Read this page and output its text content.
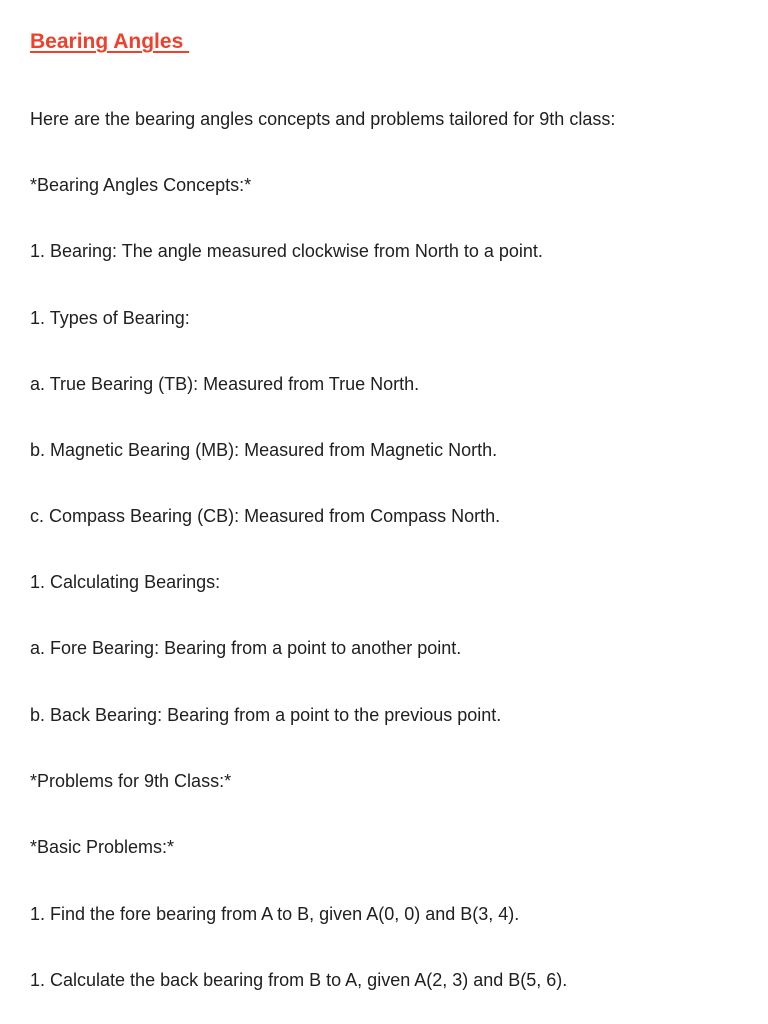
Bearing Angles

Here are the bearing angles concepts and problems tailored for 9th class:

*Bearing Angles Concepts:*

1. Bearing: The angle measured clockwise from North to a point.

1. Types of Bearing:

a. True Bearing (TB): Measured from True North.

b. Magnetic Bearing (MB): Measured from Magnetic North.

c. Compass Bearing (CB): Measured from Compass North.

1. Calculating Bearings:

a. Fore Bearing: Bearing from a point to another point.

b. Back Bearing: Bearing from a point to the previous point.

*Problems for 9th Class:*

*Basic Problems:*

1. Find the fore bearing from A to B, given A(0, 0) and B(3, 4).

1. Calculate the back bearing from B to A, given A(2, 3) and B(5, 6).
